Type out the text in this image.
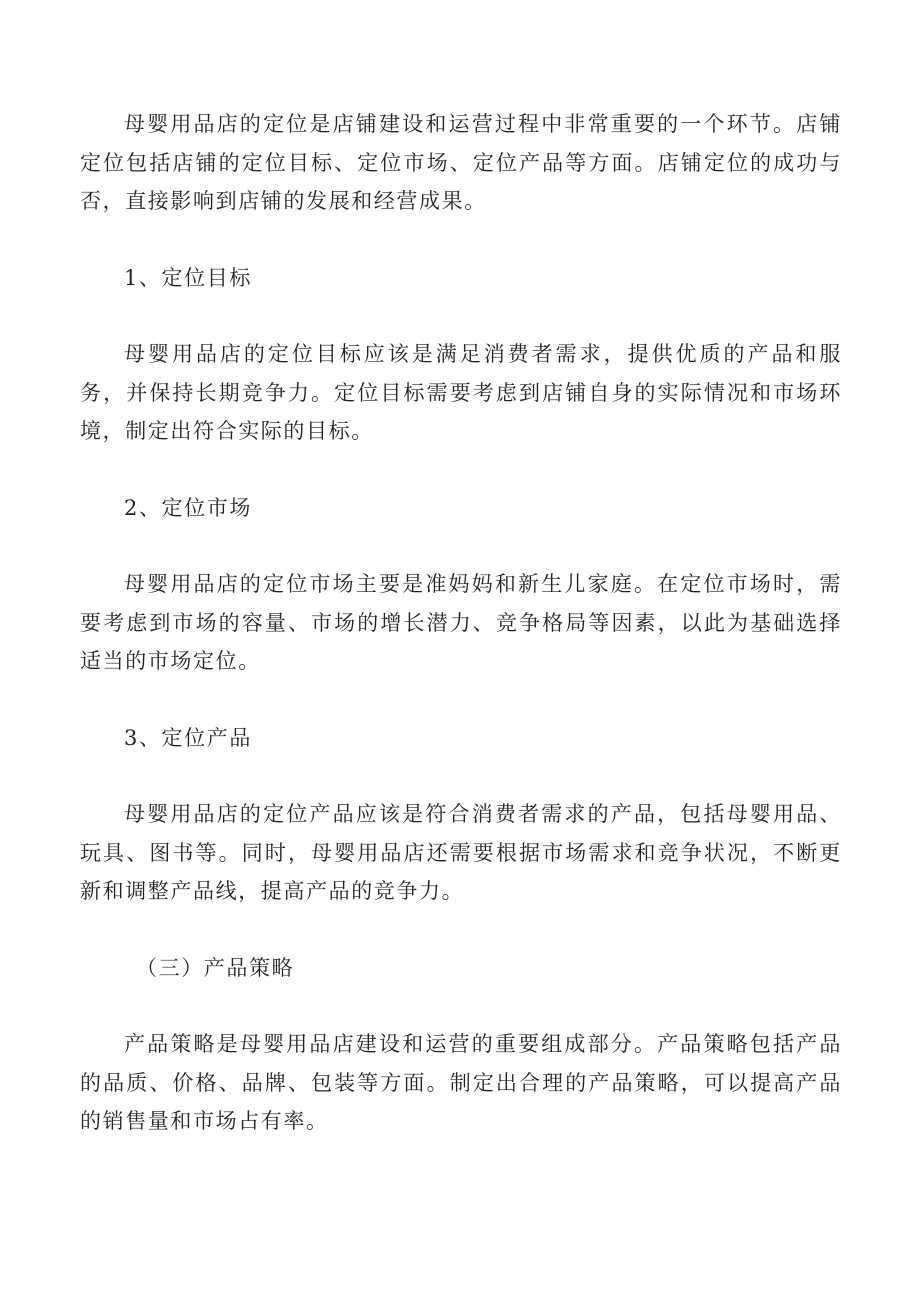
母婴用品店的定位是店铺建设和运营过程中非常重要的一个环节。店铺定位包括店铺的定位目标、定位市场、定位产品等方面。店铺定位的成功与否，直接影响到店铺的发展和经营成果。

1、定位目标

母婴用品店的定位目标应该是满足消费者需求，提供优质的产品和服务，并保持长期竞争力。定位目标需要考虑到店铺自身的实际情况和市场环境，制定出符合实际的目标。

2、定位市场

母婴用品店的定位市场主要是准妈妈和新生儿家庭。在定位市场时，需要考虑到市场的容量、市场的增长潜力、竞争格局等因素，以此为基础选择适当的市场定位。

3、定位产品

母婴用品店的定位产品应该是符合消费者需求的产品，包括母婴用品、玩具、图书等。同时，母婴用品店还需要根据市场需求和竞争状况，不断更新和调整产品线，提高产品的竞争力。

（三）产品策略

产品策略是母婴用品店建设和运营的重要组成部分。产品策略包括产品的品质、价格、品牌、包装等方面。制定出合理的产品策略，可以提高产品的销售量和市场占有率。
